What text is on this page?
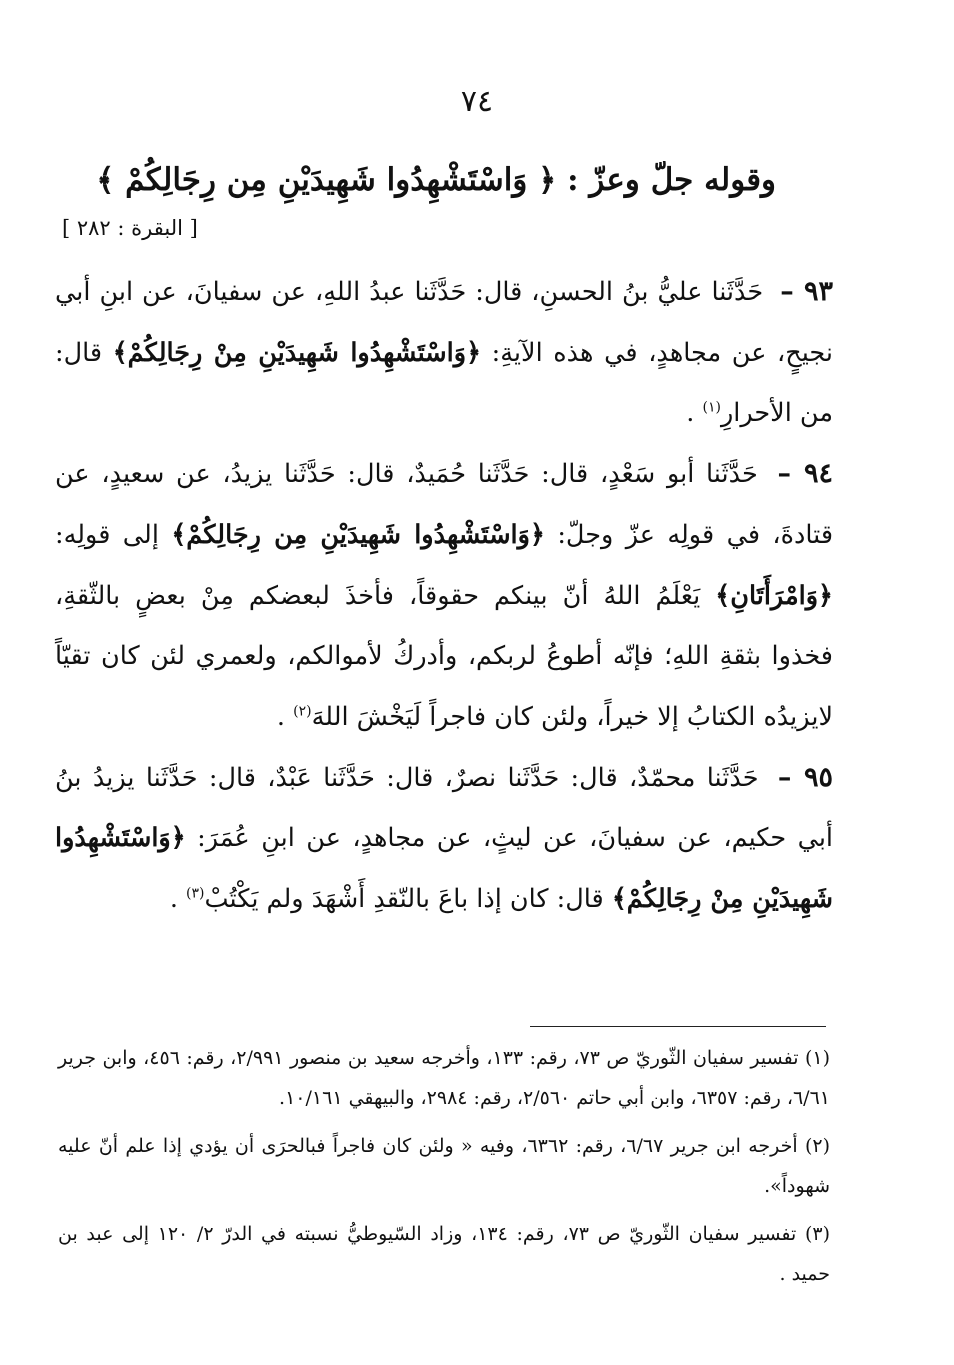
٧٤
وقوله جلّ وعزّ : ﴿ وَاسْتَشْهِدُوا شَهِيدَيْنِ مِن رِجَالِكُمْ ﴾
[ البقرة : ٢٨٢ ]

٩٣ – حَدَّثَنا عليُّ بنُ الحسنِ، قال: حَدَّثَنا عبدُ اللهِ، عن سفيانَ، عن ابنِ أبي نجيحٍ، عن مجاهدٍ، في هذه الآيةِ: ﴿وَاسْتَشْهِدُوا شَهِيدَيْنِ مِنْ رِجَالِكُمْ﴾ قال: من الأحرارِ$^{(١)}$ .

٩٤ – حَدَّثَنا أبو سَعْدٍ، قال: حَدَّثَنا حُمَيدٌ، قال: حَدَّثَنا يزيدُ، عن سعيدٍ، عن قتادةَ، في قولِه عزّ وجلّ: ﴿وَاسْتَشْهِدُوا شَهِيدَيْنِ مِن رِجَالِكُمْ﴾ إلى قولِه: ﴿وَامْرَأَتَانِ﴾ يَعْلَمُ اللهُ أنّ بينكم حقوقاً، فأخذَ لبعضكم مِنْ بعضٍ بالثّقةِ، فخذوا بثقةِ اللهِ؛ فإنّه أطوعُ لربكم، وأدركُ لأموالكم، ولعمري لئن كان تقيّاً لايزيدُه الكتابُ إلا خيراً، ولئن كان فاجراً لَيَخْشَ اللهَ$^{(٢)}$ .

٩٥ – حَدَّثَنا محمّدٌ، قال: حَدَّثَنا نصرٌ، قال: حَدَّثَنا عَبْدٌ، قال: حَدَّثَنا يزيدُ بنُ أبي حكيم، عن سفيانَ، عن ليثٍ، عن مجاهدٍ، عن ابنِ عُمَرَ: ﴿وَاسْتَشْهِدُوا شَهِيدَيْنِ مِنْ رِجَالِكُمْ﴾ قال: كان إذا باعَ بالنّقدِ أَشْهَدَ ولم يَكْتُبْ$^{(٣)}$ .

(١) تفسير سفيان الثّوريّ ص ٧٣، رقم: ١٣٣، وأخرجه سعيد بن منصور ٢/٩٩١، رقم: ٤٥٦، وابن جرير ٦/٦١، رقم: ٦٣٥٧، وابن أبي حاتم ٢/٥٦٠، رقم: ٢٩٨٤، والبيهقي ١٠/١٦١.

(٢) أخرجه ابن جرير ٦/٦٧، رقم: ٦٣٦٢، وفيه « ولئن كان فاجراً فبالحرَى أن يؤدي إذا علم أنّ عليه شهوداً».

(٣) تفسير سفيان الثّوريّ ص ٧٣، رقم: ١٣٤، وزاد السّيوطيُّ نسبته في الدرّ ٢/ ١٢٠ إلى عبد بن حميد .
